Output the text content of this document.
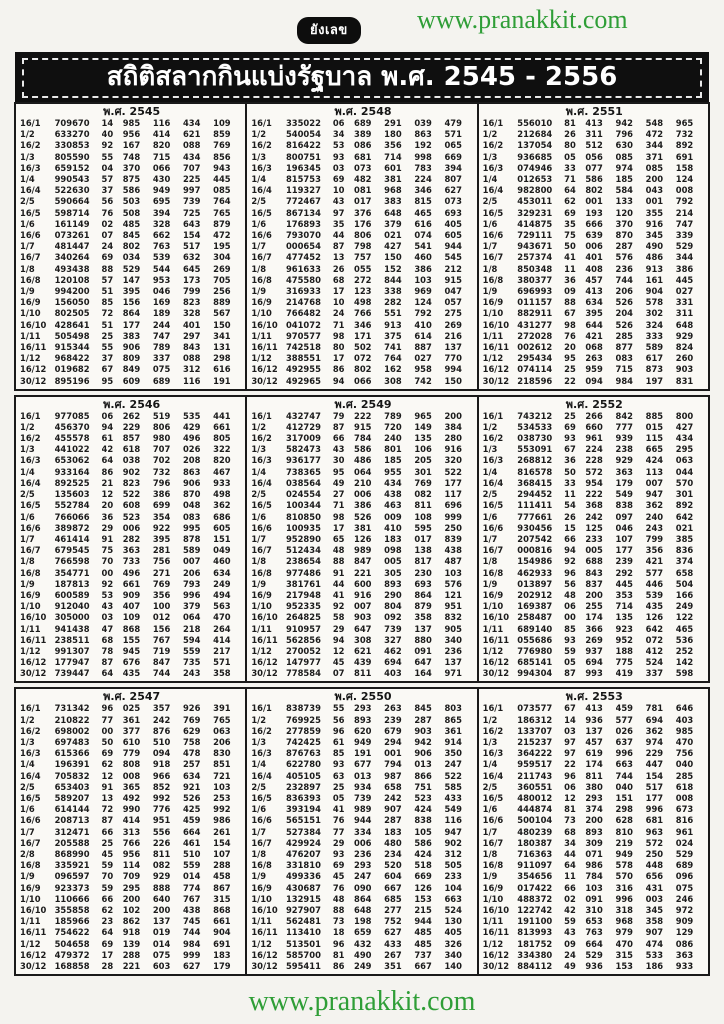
ยังเลข	www.pranakkit.com
สถิติสลากกินแบ่งรัฐบาล พ.ศ. 2545 - 2556
พ.ศ. 2545
16/1	709670	14	985	116	434	109
1/2	633270	40	956	414	621	859
16/2	330853	92	167	820	088	769
1/3	805590	55	748	715	434	856
16/3	659152	04	370	066	707	943
1/4	990543	57	875	430	225	445
16/4	522630	37	586	949	997	085
2/5	590664	56	503	695	739	764
16/5	598714	76	508	394	725	765
1/6	161149	02	485	328	643	879
16/6	073261	07	845	662	154	472
1/7	481447	24	802	763	517	195
16/7	340264	69	034	539	632	304
1/8	493438	88	529	544	645	269
16/8	120108	57	147	953	173	705
1/9	994200	51	395	046	799	256
16/9	156050	85	156	169	823	889
1/10	802505	72	864	189	328	567
16/10	428641	51	177	244	401	150
1/11	505498	25	383	747	297	341
16/11	915344	55	906	789	843	131
1/12	968422	37	809	337	088	298
16/12	019682	67	849	075	312	616
30/12	895196	95	609	689	116	191
พ.ศ. 2548
16/1	335022	06	689	291	039	479
1/2	540054	34	389	180	863	571
16/2	816422	53	086	356	192	065
1/3	800751	93	681	714	998	669
16/3	196345	03	073	601	783	394
1/4	815753	69	482	381	224	807
16/4	119327	10	081	968	346	627
2/5	772467	43	017	383	815	073
16/5	867134	97	376	648	465	693
1/6	176893	35	176	379	616	405
16/6	793070	44	806	021	074	605
1/7	000654	87	798	427	541	944
16/7	477452	13	757	150	460	545
1/8	961633	26	055	152	386	212
16/8	475580	68	272	844	103	915
1/9	316933	17	123	338	969	047
16/9	214768	10	498	282	124	057
1/10	766482	24	766	551	792	275
16/10	041072	71	346	913	410	269
1/11	970577	98	171	375	614	216
16/11	742518	80	502	741	887	137
1/12	388551	17	072	764	027	770
16/12	492955	86	802	162	958	994
30/12	492965	94	066	308	742	150
พ.ศ. 2551
16/1	556010	81	413	942	548	965
1/2	212684	26	311	796	472	732
16/2	137054	80	512	630	344	892
1/3	936685	05	056	085	371	691
16/3	074946	33	077	974	085	158
1/4	012653	71	586	185	200	124
16/4	982800	64	802	584	043	008
2/5	453011	62	001	133	001	792
16/5	329231	69	193	120	355	214
1/6	414875	35	666	370	916	747
16/6	729111	75	639	870	345	339
1/7	943671	50	006	287	490	529
16/7	257374	41	401	576	486	344
1/8	850348	11	408	236	913	386
16/8	380377	36	457	744	161	445
1/9	696993	09	413	206	904	027
16/9	011157	88	634	526	578	331
1/10	882911	67	395	204	302	311
16/10	431277	98	644	526	324	648
1/11	272028	76	421	285	333	929
16/11	002612	20	068	877	589	824
1/12	295434	95	263	083	617	260
16/12	074114	25	959	715	873	903
30/12	218596	22	094	984	197	831
พ.ศ. 2546
16/1	977085	06	262	519	535	441
1/2	456370	94	229	806	429	661
16/2	455578	61	857	980	496	805
1/3	441022	42	618	707	026	322
16/3	653062	64	038	702	208	820
1/4	933164	86	902	732	863	467
16/4	892525	21	823	796	906	933
2/5	135603	12	522	386	870	498
16/5	552784	20	608	699	048	362
1/6	766066	36	523	354	083	686
16/6	389872	29	006	922	995	605
1/7	461414	91	282	395	878	151
16/7	679545	75	363	281	589	049
1/8	766598	70	733	756	007	460
16/8	354771	00	496	271	206	634
1/9	187813	92	661	769	793	249
16/9	600589	53	909	356	996	494
1/10	912040	43	407	100	379	563
16/10	305000	03	109	012	064	470
1/11	941438	47	868	156	218	264
16/11	238511	68	155	767	594	414
1/12	991307	78	945	719	559	217
16/12	177947	87	676	847	735	571
30/12	739447	64	435	744	243	358
พ.ศ. 2549
16/1	432747	79	222	789	965	200
1/2	412729	87	915	720	149	384
16/2	317009	66	784	240	135	280
1/3	582473	43	586	801	106	916
16/3	936177	30	486	185	205	320
1/4	738365	95	064	955	301	522
16/4	038564	49	210	434	769	177
2/5	024554	27	006	438	082	117
16/5	100344	71	386	463	811	696
1/6	810850	98	526	009	108	999
16/6	100935	17	381	410	595	250
1/7	952890	65	126	183	017	839
16/7	512434	48	989	098	138	438
1/8	238654	88	847	005	817	487
16/8	977486	91	221	305	230	103
1/9	381761	44	600	893	693	576
16/9	217948	41	916	290	864	121
1/10	952335	92	007	804	879	951
16/10	264825	58	903	092	358	832
1/11	910957	29	647	739	137	905
16/11	562856	94	308	327	880	340
1/12	270052	12	621	462	091	236
16/12	147977	45	439	694	647	137
30/12	778584	07	811	403	164	971
พ.ศ. 2552
16/1	743212	25	266	842	885	800
1/2	534533	69	660	777	015	427
16/2	038730	93	961	939	115	434
1/3	553091	67	224	238	665	295
16/3	268812	36	228	929	424	063
1/4	816578	50	572	363	113	044
16/4	368415	33	954	179	007	570
2/5	294452	11	222	549	947	301
16/5	111411	54	368	838	362	892
1/6	777661	26	242	097	240	642
16/6	930456	15	125	046	243	021
1/7	207542	66	233	107	799	385
16/7	000816	94	005	177	356	836
1/8	154986	92	688	239	421	374
16/8	462933	96	843	292	577	658
1/9	013897	56	837	445	446	504
16/9	202912	48	200	353	539	166
1/10	169387	06	255	714	435	249
16/10	258487	00	174	135	126	122
1/11	689140	85	366	923	642	465
16/11	055686	93	269	952	072	536
1/12	776980	59	937	188	412	252
16/12	685141	05	694	775	524	142
30/12	994304	87	993	419	337	598
พ.ศ. 2547
16/1	731342	96	025	357	926	391
1/2	210822	77	361	242	769	765
16/2	698002	00	377	876	629	063
1/3	697483	50	610	510	758	206
16/3	615366	69	779	094	478	830
1/4	196391	62	808	918	257	851
16/4	705832	12	008	966	634	721
2/5	653403	91	365	852	921	103
16/5	589207	13	492	992	526	253
1/6	614144	72	990	776	425	992
16/6	208713	87	414	951	459	986
1/7	312471	66	313	556	664	261
16/7	205588	25	766	226	461	154
2/8	868990	45	956	811	510	107
16/8	335921	59	114	082	559	288
1/9	096597	70	709	929	014	458
16/9	923373	59	295	888	774	867
1/10	110666	66	200	640	767	315
16/10	355858	62	102	200	438	868
1/11	185966	23	862	137	745	661
16/11	754622	64	918	019	744	904
1/12	504658	69	139	014	984	691
16/12	479372	17	288	075	999	183
30/12	168858	28	221	603	627	179
พ.ศ. 2550
16/1	838739	55	293	263	845	803
1/2	769925	56	893	239	287	865
16/2	277859	96	620	679	903	361
1/3	742425	61	949	294	942	914
16/3	876763	85	191	001	906	350
1/4	622780	93	677	794	013	247
16/4	405105	63	013	987	866	522
2/5	232897	25	934	658	751	585
16/5	836393	05	739	242	523	433
1/6	393194	41	989	907	424	549
16/6	565151	76	944	287	838	116
1/7	527384	77	334	183	105	947
16/7	429924	29	006	480	586	902
1/8	476207	93	236	234	424	312
16/8	331810	69	293	520	518	505
1/9	499336	45	247	604	669	233
16/9	430687	76	090	667	126	104
1/10	132915	48	864	685	153	663
16/10	927907	88	648	277	215	524
1/11	562481	73	198	752	944	130
16/11	113410	18	659	627	485	405
1/12	513501	96	432	433	485	326
16/12	585700	81	490	267	737	340
30/12	595411	86	249	351	667	140
พ.ศ. 2553
16/1	073577	67	413	459	781	646
1/2	186312	14	936	577	694	403
16/2	133707	03	137	026	362	985
1/3	215237	97	457	637	974	470
16/3	364222	97	619	996	229	756
1/4	959517	22	174	663	447	040
16/4	211743	96	811	744	154	285
2/5	360551	06	380	040	517	618
16/5	480012	12	293	151	177	008
1/6	444874	81	374	298	996	673
16/6	500104	73	200	628	681	816
1/7	480239	68	893	810	963	961
16/7	180387	34	309	219	572	024
1/8	716363	44	071	949	250	529
16/8	911097	64	986	578	448	689
1/9	354656	11	784	570	656	096
16/9	017422	66	103	316	431	075
1/10	488372	02	091	996	003	246
16/10	122742	42	310	318	345	972
1/11	191100	59	653	968	358	909
16/11	813993	43	763	979	907	129
1/12	181752	09	664	470	474	086
16/12	334380	24	529	315	533	363
30/12	884112	49	936	153	186	933
www.pranakkit.com
